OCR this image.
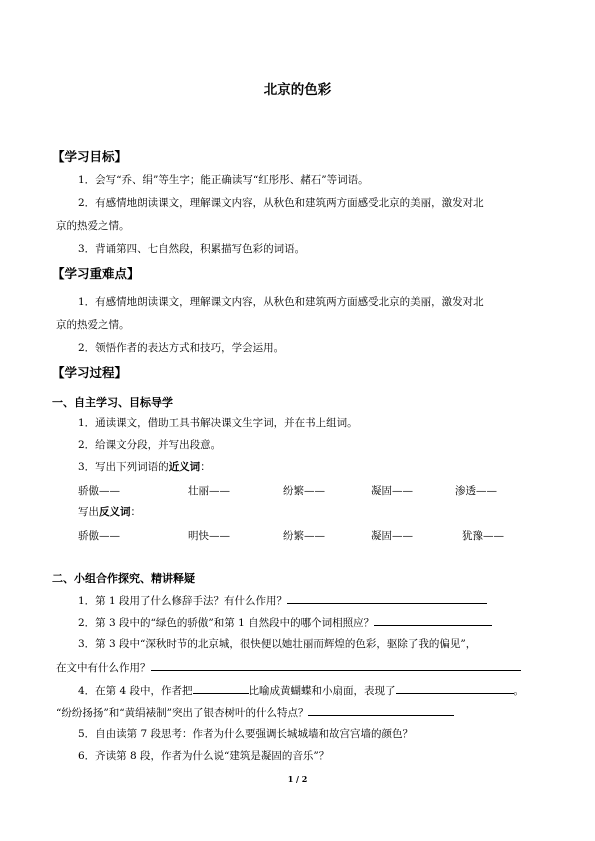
北京的色彩
【学习目标】
1．会写“乔、绢”等生字；能正确读写“红彤彤、赭石”等词语。
2．有感情地朗读课文，理解课文内容，从秋色和建筑两方面感受北京的美丽，激发对北
京的热爱之情。
3．背诵第四、七自然段，积累描写色彩的词语。
【学习重难点】
1．有感情地朗读课文，理解课文内容，从秋色和建筑两方面感受北京的美丽，激发对北
京的热爱之情。
2．领悟作者的表达方式和技巧，学会运用。
【学习过程】
一、自主学习、目标导学
1．通读课文，借助工具书解决课文生字词，并在书上组词。
2．给课文分段，并写出段意。
3．写出下列词语的近义词：
骄傲——	壮丽——	纷繁——	凝固——	渗透——
写出反义词：
骄傲——	明快——	纷繁——	凝固——	犹豫——
二、小组合作探究、精讲释疑
1．第 1 段用了什么修辞手法？有什么作用？
2．第 3 段中的“绿色的骄傲”和第 1 自然段中的哪个词相照应？
3．第 3 段中“深秋时节的北京城，很快便以她壮丽而辉煌的色彩，驱除了我的偏见”，
在文中有什么作用？
4．在第 4 段中，作者把	比喻成黄蝴蝶和小扇面，表现了	。
“纷纷扬扬”和“黄绢裱制”突出了银杏树叶的什么特点？
5．自由读第 7 段思考：作者为什么要强调长城城墙和故宫宫墙的颜色？
6．齐读第 8 段，作者为什么说“建筑是凝固的音乐”？
1 / 2
